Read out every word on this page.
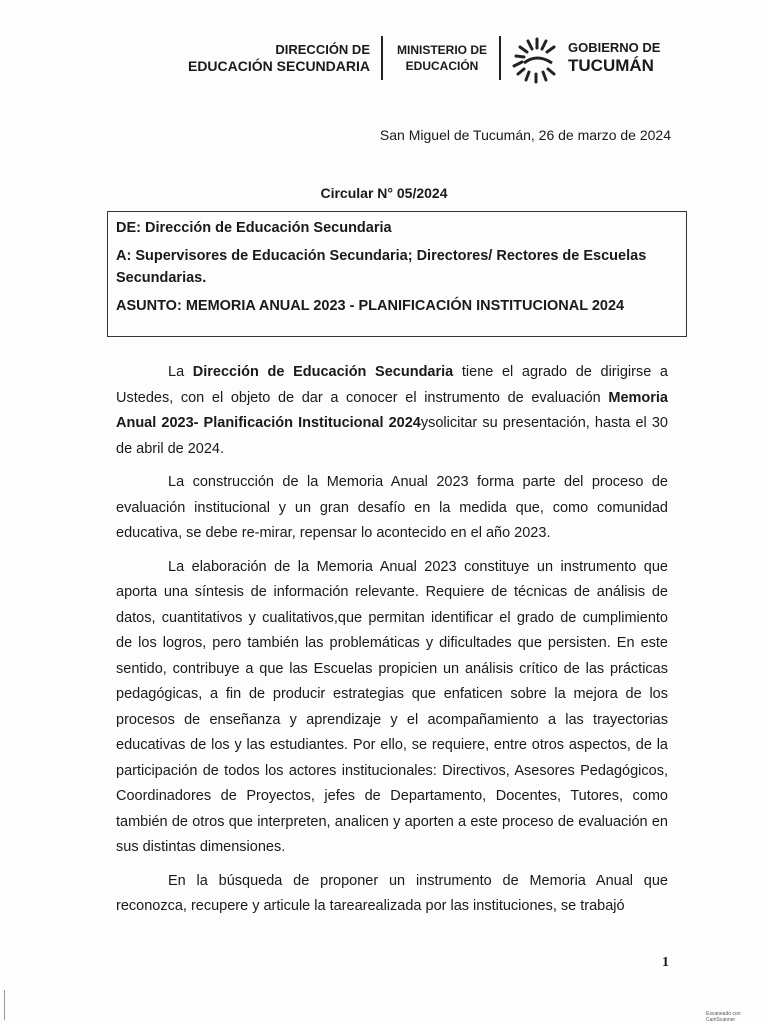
DIRECCIÓN DE
EDUCACIÓN SECUNDARIA
MINISTERIO DE
EDUCACIÓN
GOBIERNO DE
TUCUMÁN
San Miguel de Tucumán, 26 de marzo de 2024
Circular N° 05/2024

DE: Dirección de Educación Secundaria

A: Supervisores de Educación Secundaria; Directores/ Rectores de Escuelas Secundarias.

ASUNTO: MEMORIA ANUAL 2023 - PLANIFICACIÓN INSTITUCIONAL 2024

La Dirección de Educación Secundaria tiene el agrado de dirigirse a Ustedes, con el objeto de dar a conocer el instrumento de evaluación Memoria Anual 2023- Planificación Institucional 2024ysolicitar su presentación, hasta el 30 de abril de 2024.

La construcción de la Memoria Anual 2023 forma parte del proceso de evaluación institucional y un gran desafío en la medida que, como comunidad educativa, se debe re-mirar, repensar lo acontecido en el año 2023.

La elaboración de la Memoria Anual 2023 constituye un instrumento que aporta una síntesis de información relevante. Requiere de técnicas de análisis de datos, cuantitativos y cualitativos,que permitan identificar el grado de cumplimiento de los logros, pero también las problemáticas y dificultades que persisten. En este sentido, contribuye a que las Escuelas propicien un análisis crítico de las prácticas pedagógicas, a fin de producir estrategias que enfaticen sobre la mejora de los procesos de enseñanza y aprendizaje y el acompañamiento a las trayectorias educativas de los y las estudiantes. Por ello, se requiere, entre otros aspectos, de la participación de todos los actores institucionales: Directivos, Asesores Pedagógicos, Coordinadores de Proyectos, jefes de Departamento, Docentes, Tutores, como también de otros que interpreten, analicen y aporten a este proceso de evaluación en sus distintas dimensiones.

En la búsqueda de proponer un instrumento de Memoria Anual que reconozca, recupere y articule la tarearealizada por las instituciones, se trabajó

1
Escaneado con CamScanner
